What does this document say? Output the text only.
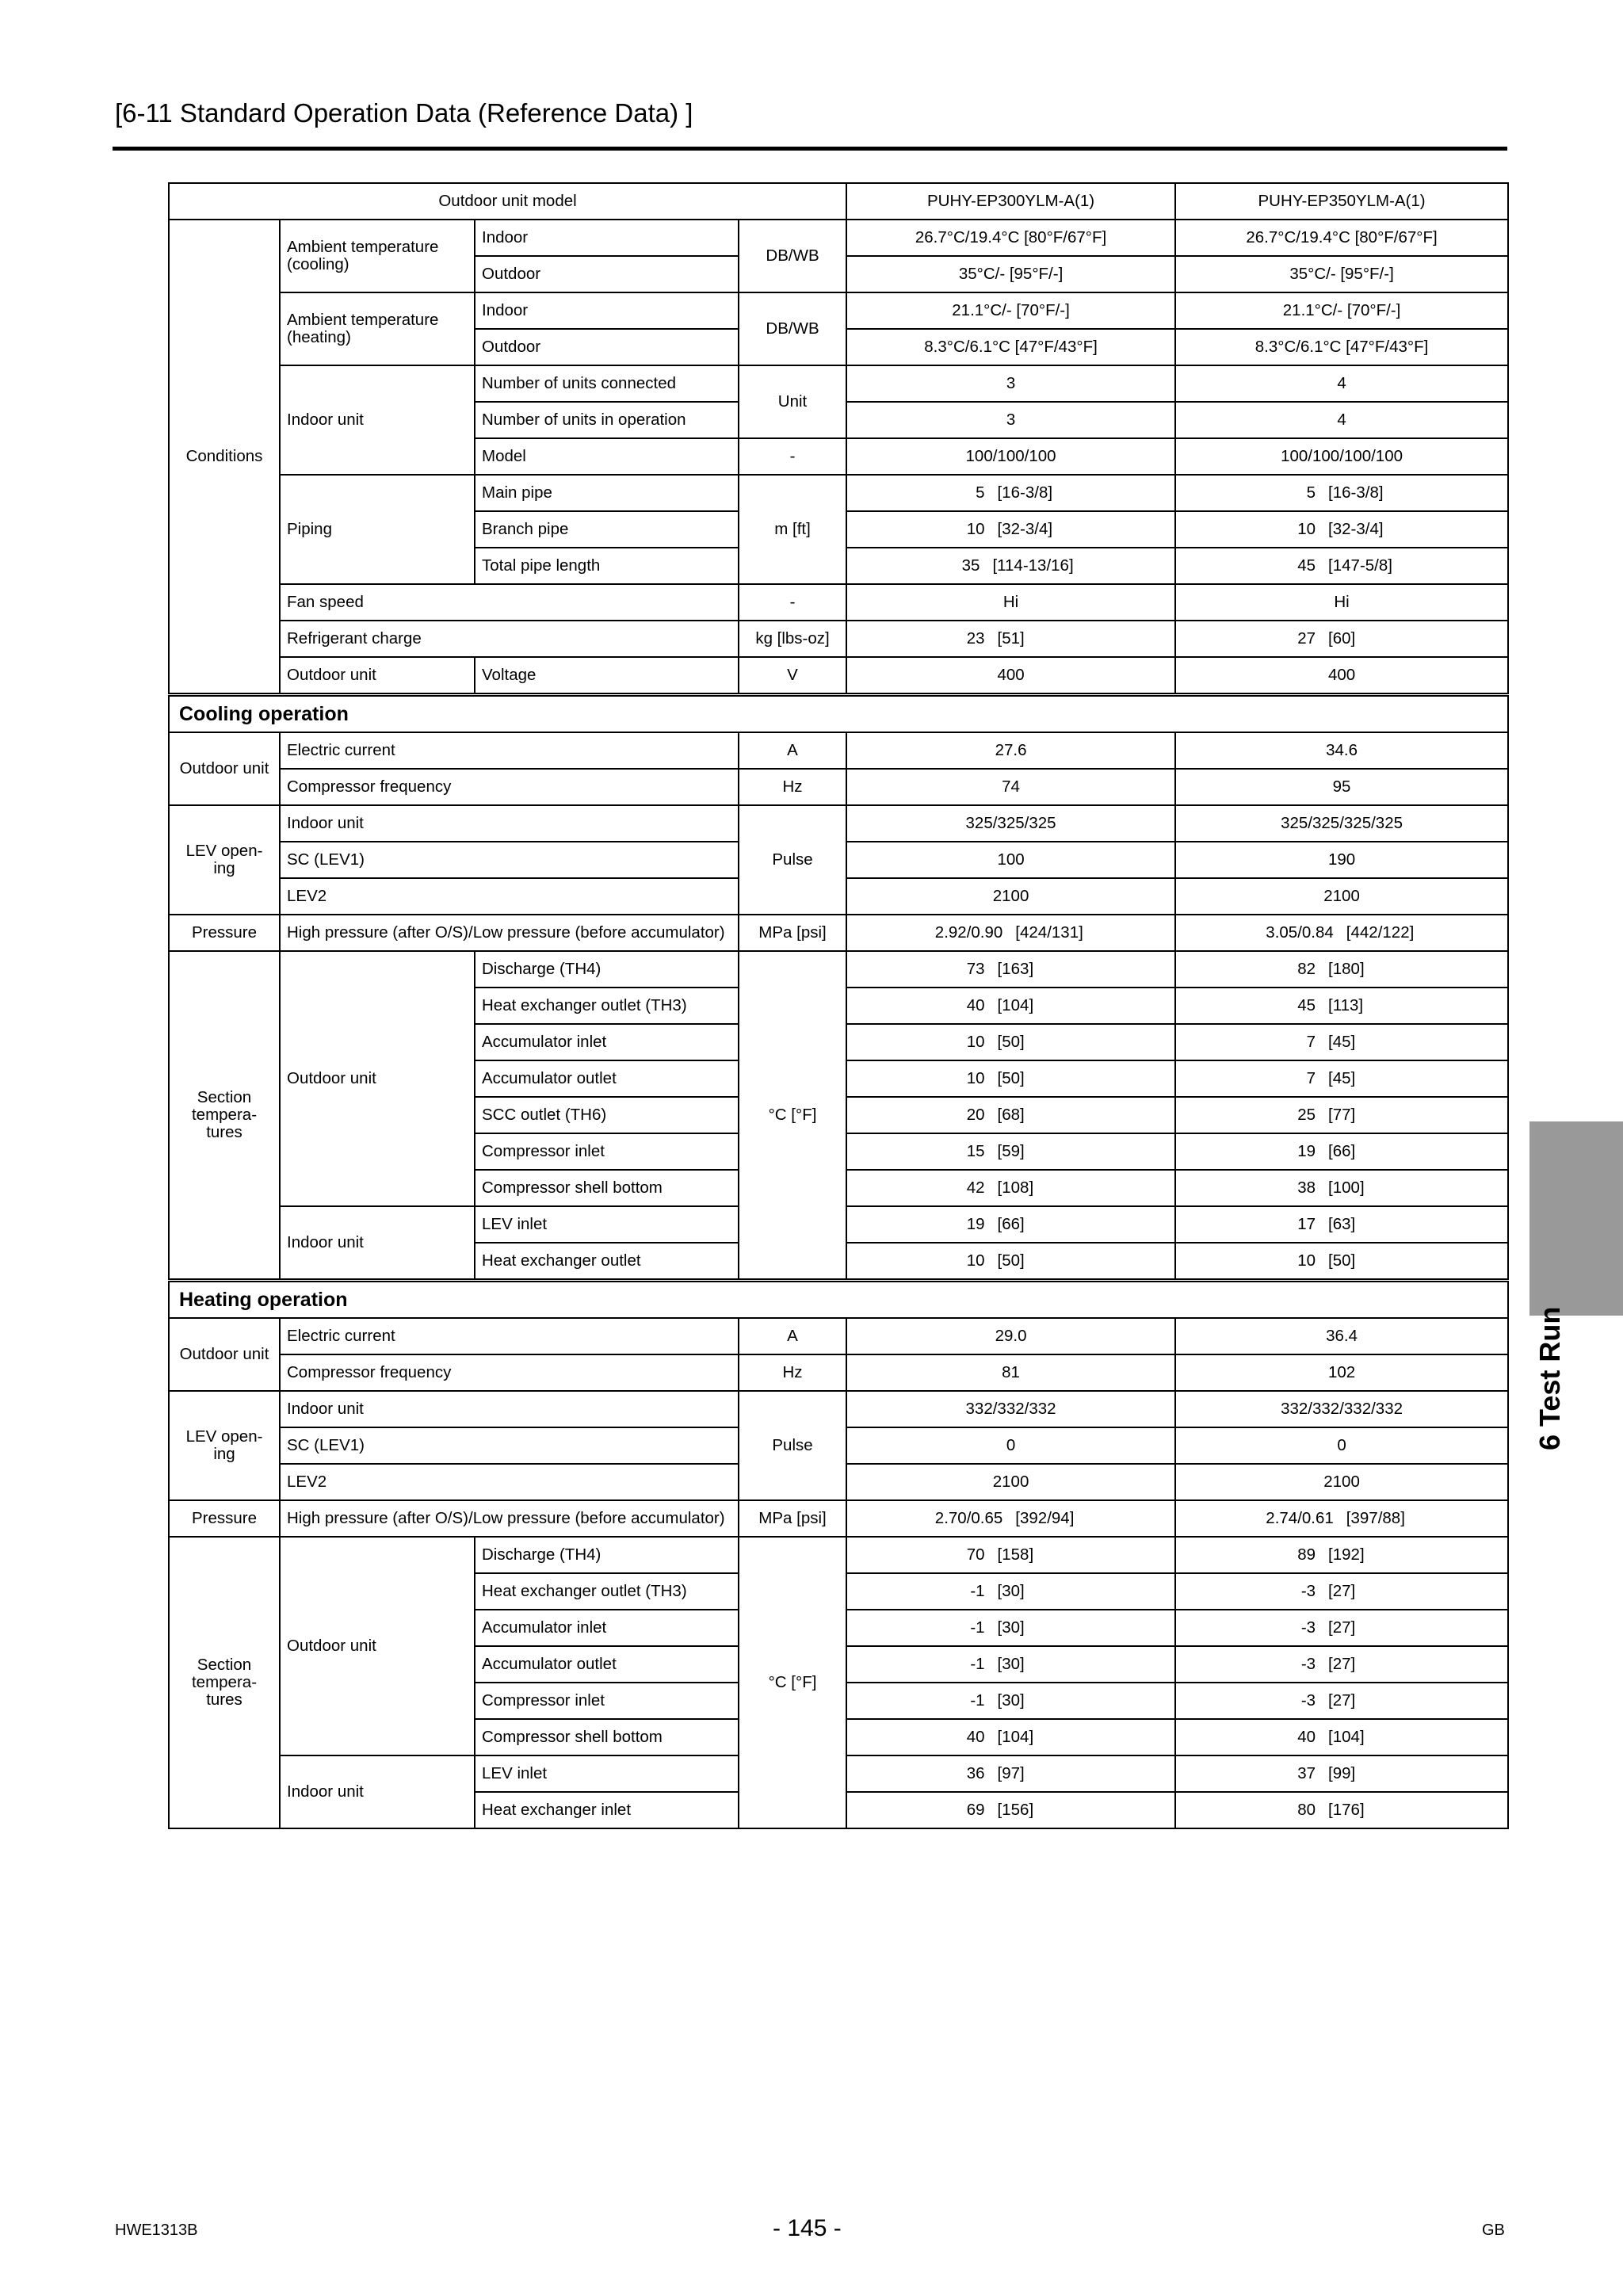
[6-11 Standard Operation Data (Reference Data) ]
Outdoor unit model				PUHY-EP300YLM-A(1)	PUHY-EP350YLM-A(1)
Conditions	Ambient temperature (cooling)	Indoor	DB/WB	26.7°C/19.4°C [80°F/67°F]	26.7°C/19.4°C [80°F/67°F]
		Outdoor		35°C/- [95°F/-]	35°C/- [95°F/-]
	Ambient temperature (heating)	Indoor	DB/WB	21.1°C/- [70°F/-]	21.1°C/- [70°F/-]
		Outdoor		8.3°C/6.1°C [47°F/43°F]	8.3°C/6.1°C [47°F/43°F]
	Indoor unit	Number of units connected	Unit	3	4
		Number of units in operation		3	4
		Model	-	100/100/100	100/100/100/100
	Piping	Main pipe	m [ft]	5 [16-3/8]	5 [16-3/8]
		Branch pipe		10 [32-3/4]	10 [32-3/4]
		Total pipe length		35 [114-13/16]	45 [147-5/8]
	Fan speed		-	Hi	Hi
	Refrigerant charge		kg [lbs-oz]	23 [51]	27 [60]
	Outdoor unit	Voltage	V	400	400
Cooling operation					
Outdoor unit	Electric current		A	27.6	34.6
	Compressor frequency		Hz	74	95
LEV open-ing	Indoor unit		Pulse	325/325/325	325/325/325/325
	SC (LEV1)			100	190
	LEV2			2100	2100
Pressure	High pressure (after O/S)/Low pressure (before accumulator)		MPa [psi]	2.92/0.90 [424/131]	3.05/0.84 [442/122]
Section tempera-tures	Outdoor unit	Discharge (TH4)	°C [°F]	73 [163]	82 [180]
		Heat exchanger outlet (TH3)		40 [104]	45 [113]
		Accumulator inlet		10 [50]	7 [45]
		Accumulator outlet		10 [50]	7 [45]
		SCC outlet (TH6)		20 [68]	25 [77]
		Compressor inlet		15 [59]	19 [66]
		Compressor shell bottom		42 [108]	38 [100]
	Indoor unit	LEV inlet		19 [66]	17 [63]
		Heat exchanger outlet		10 [50]	10 [50]
Heating operation					
Outdoor unit	Electric current		A	29.0	36.4
	Compressor frequency		Hz	81	102
LEV open-ing	Indoor unit		Pulse	332/332/332	332/332/332/332
	SC (LEV1)			0	0
	LEV2			2100	2100
Pressure	High pressure (after O/S)/Low pressure (before accumulator)		MPa [psi]	2.70/0.65 [392/94]	2.74/0.61 [397/88]
Section tempera-tures	Outdoor unit	Discharge (TH4)	°C [°F]	70 [158]	89 [192]
		Heat exchanger outlet (TH3)		-1 [30]	-3 [27]
		Accumulator inlet		-1 [30]	-3 [27]
		Accumulator outlet		-1 [30]	-3 [27]
		Compressor inlet		-1 [30]	-3 [27]
		Compressor shell bottom		40 [104]	40 [104]
	Indoor unit	LEV inlet		36 [97]	37 [99]
		Heat exchanger inlet		69 [156]	80 [176]
6 Test Run
HWE1313B	- 145 -	GB
